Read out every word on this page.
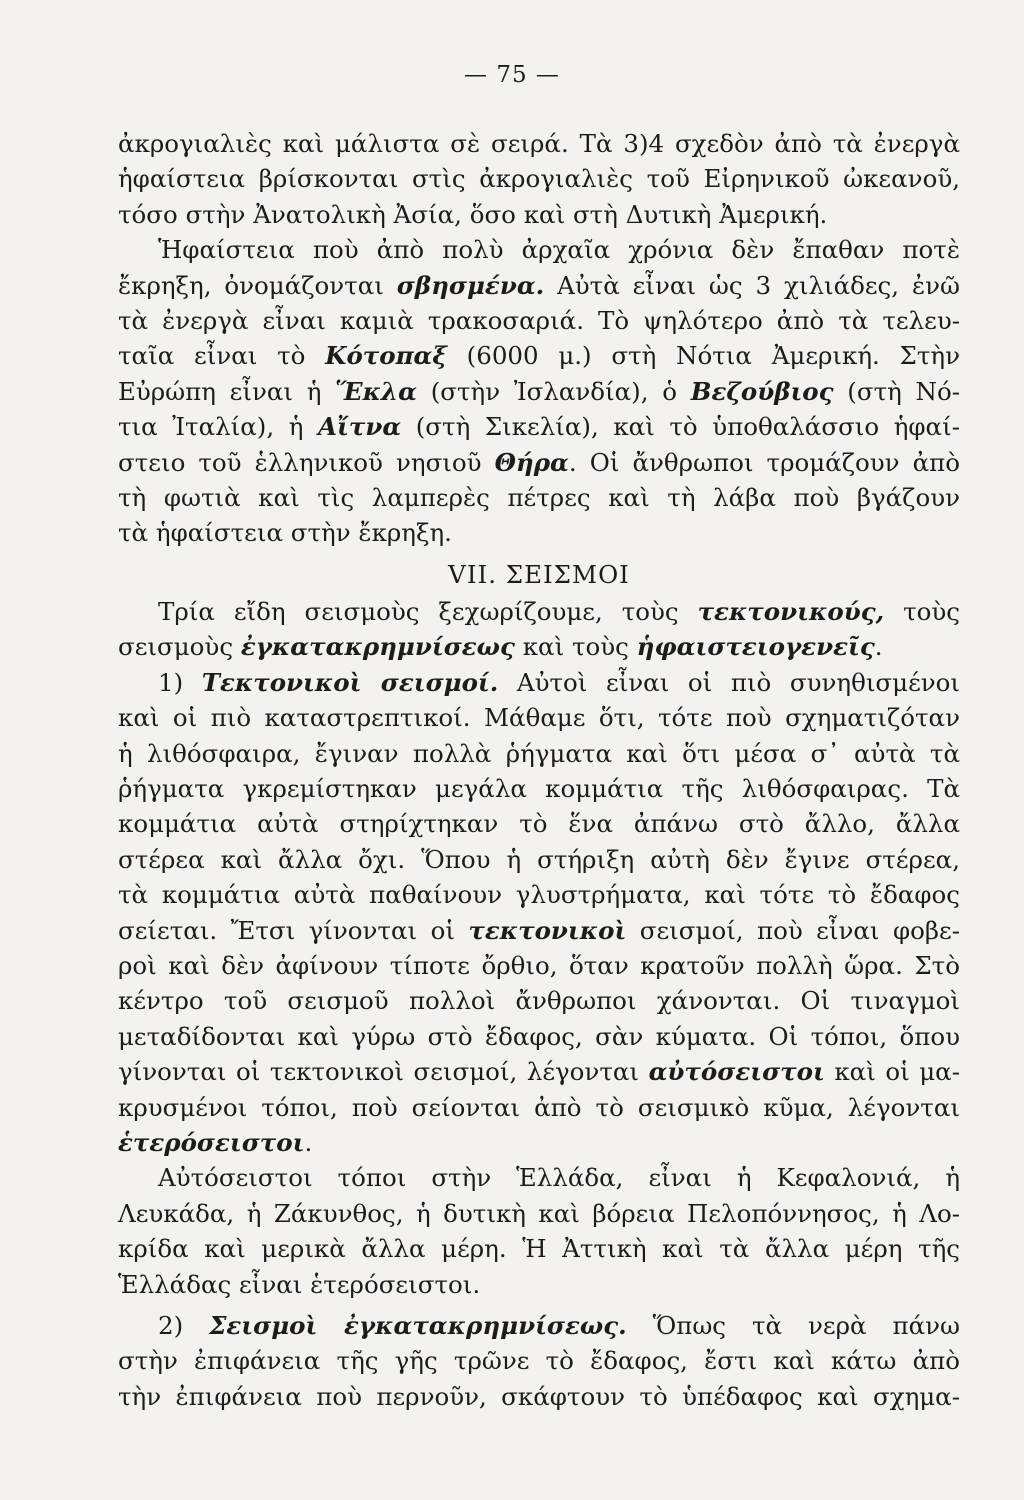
— 75 —
ἀκρογιαλιὲς καὶ μάλιστα σὲ σειρά. Τὰ 3)4 σχεδὸν ἀπὸ τὰ ἐνεργὰ
ἡφαίστεια βρίσκονται στὶς ἀκρογιαλιὲς τοῦ Εἰρηνικοῦ ὠκεανοῦ,
τόσο στὴν Ἀνατολικὴ Ἀσία, ὅσο καὶ στὴ Δυτικὴ Ἀμερική.
Ἡφαίστεια ποὺ ἀπὸ πολὺ ἀρχαῖα χρόνια δὲν ἔπαθαν ποτὲ
ἔκρηξη, ὀνομάζονται σβησμένα. Αὐτὰ εἶναι ὡς 3 χιλιάδες, ἐνῶ
τὰ ἐνεργὰ εἶναι καμιὰ τρακοσαριά. Τὸ ψηλότερο ἀπὸ τὰ τελευ-
ταῖα εἶναι τὸ Κότοπαξ (6000 μ.) στὴ Νότια Ἀμερική. Στὴν
Εὐρώπη εἶναι ἡ Ἕκλα (στὴν Ἰσλανδία), ὁ Βεζούβιος (στὴ Νό-
τια Ἰταλία), ἡ Αἴτνα (στὴ Σικελία), καὶ τὸ ὑποθαλάσσιο ἡφαί-
στειο τοῦ ἑλληνικοῦ νησιοῦ Θήρα. Οἱ ἄνθρωποι τρομάζουν ἀπὸ
τὴ φωτιὰ καὶ τὶς λαμπερὲς πέτρες καὶ τὴ λάβα ποὺ βγάζουν
τὰ ἡφαίστεια στὴν ἔκρηξη.
VII. ΣΕΙΣΜΟΙ
Τρία εἴδη σεισμοὺς ξεχωρίζουμε, τοὺς τεκτονικούς, τοὺς
σεισμοὺς ἐγκατακρημνίσεως καὶ τοὺς ἡφαιστειογενεῖς.
1) Τεκτονικοὶ σεισμοί. Αὐτοὶ εἶναι οἱ πιὸ συνηθισμένοι
καὶ οἱ πιὸ καταστρεπτικοί. Μάθαμε ὅτι, τότε ποὺ σχηματιζόταν
ἡ λιθόσφαιρα, ἔγιναν πολλὰ ῥήγματα καὶ ὅτι μέσα σ᾿ αὐτὰ τὰ
ῥήγματα γκρεμίστηκαν μεγάλα κομμάτια τῆς λιθόσφαιρας. Τὰ
κομμάτια αὐτὰ στηρίχτηκαν τὸ ἕνα ἀπάνω στὸ ἄλλο, ἄλλα
στέρεα καὶ ἄλλα ὄχι. Ὅπου ἡ στήριξη αὐτὴ δὲν ἔγινε στέρεα,
τὰ κομμάτια αὐτὰ παθαίνουν γλυστρήματα, καὶ τότε τὸ ἔδαφος
σείεται. Ἔτσι γίνονται οἱ τεκτονικοὶ σεισμοί, ποὺ εἶναι φοβε-
ροὶ καὶ δὲν ἀφίνουν τίποτε ὄρθιο, ὅταν κρατοῦν πολλὴ ὥρα. Στὸ
κέντρο τοῦ σεισμοῦ πολλοὶ ἄνθρωποι χάνονται. Οἱ τιναγμοὶ
μεταδίδονται καὶ γύρω στὸ ἔδαφος, σὰν κύματα. Οἱ τόποι, ὅπου
γίνονται οἱ τεκτονικοὶ σεισμοί, λέγονται αὐτόσειστοι καὶ οἱ μα-
κρυσμένοι τόποι, ποὺ σείονται ἀπὸ τὸ σεισμικὸ κῦμα, λέγονται
ἑτερόσειστοι.
Αὐτόσειστοι τόποι στὴν Ἑλλάδα, εἶναι ἡ Κεφαλονιά, ἡ
Λευκάδα, ἡ Ζάκυνθος, ἡ δυτικὴ καὶ βόρεια Πελοπόννησος, ἡ Λο-
κρίδα καὶ μερικὰ ἄλλα μέρη. Ἡ Ἀττικὴ καὶ τὰ ἄλλα μέρη τῆς
Ἑλλάδας εἶναι ἑτερόσειστοι.
2) Σεισμοὶ ἐγκατακρημνίσεως. Ὅπως τὰ νερὰ πάνω
στὴν ἐπιφάνεια τῆς γῆς τρῶνε τὸ ἔδαφος, ἔστι καὶ κάτω ἀπὸ
τὴν ἐπιφάνεια ποὺ περνοῦν, σκάφτουν τὸ ὑπέδαφος καὶ σχημα-
